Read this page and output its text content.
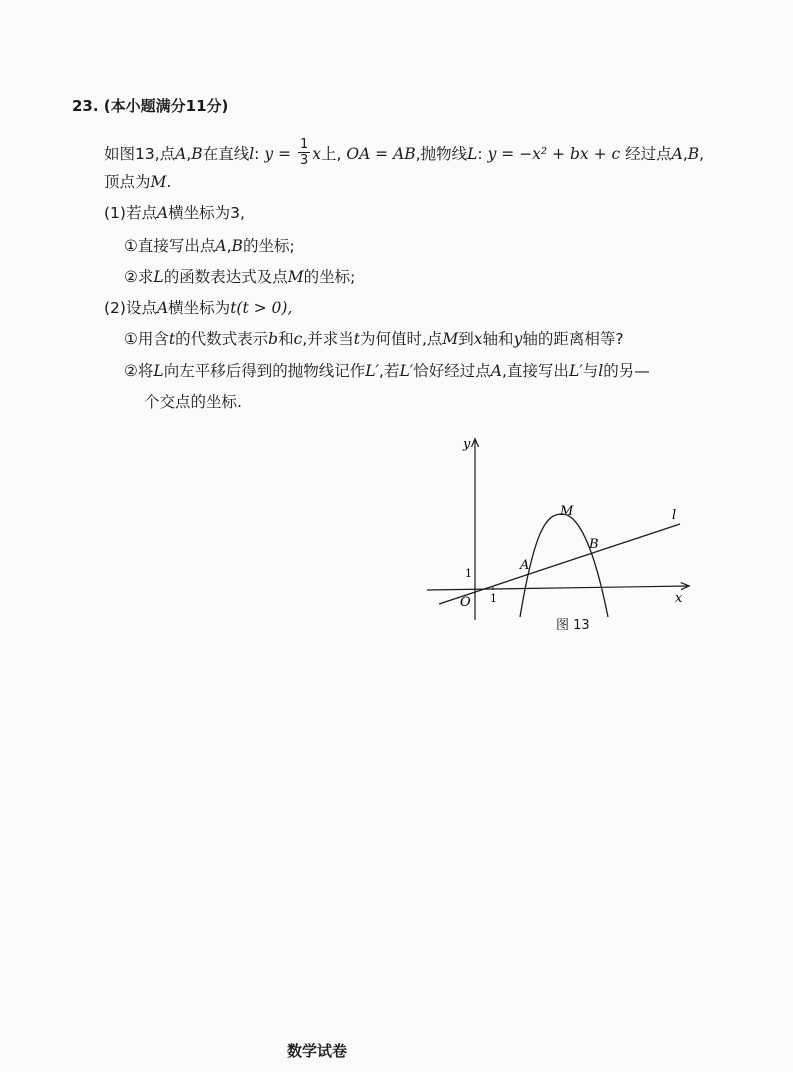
23. (本小题满分11分)
如图13,点A,B在直线l: $y = \frac{1}{3}$ x上, OA = AB,抛物线L: y = −x² + bx + c 经过点A,B,
顶点为M.
(1)若点A横坐标为3,
①直接写出点A,B的坐标;
②求L的函数表达式及点M的坐标;
(2)设点A横坐标为t(t > 0),
①用含t的代数式表示b和c,并求当t为何值时,点M到x轴和y轴的距离相等?
②将L向左平移后得到的抛物线记作L′,若L′恰好经过点A,直接写出L′与l的另—
个交点的坐标.
y
x
O 1
1
A
B
M	l
图 13
数学试卷
